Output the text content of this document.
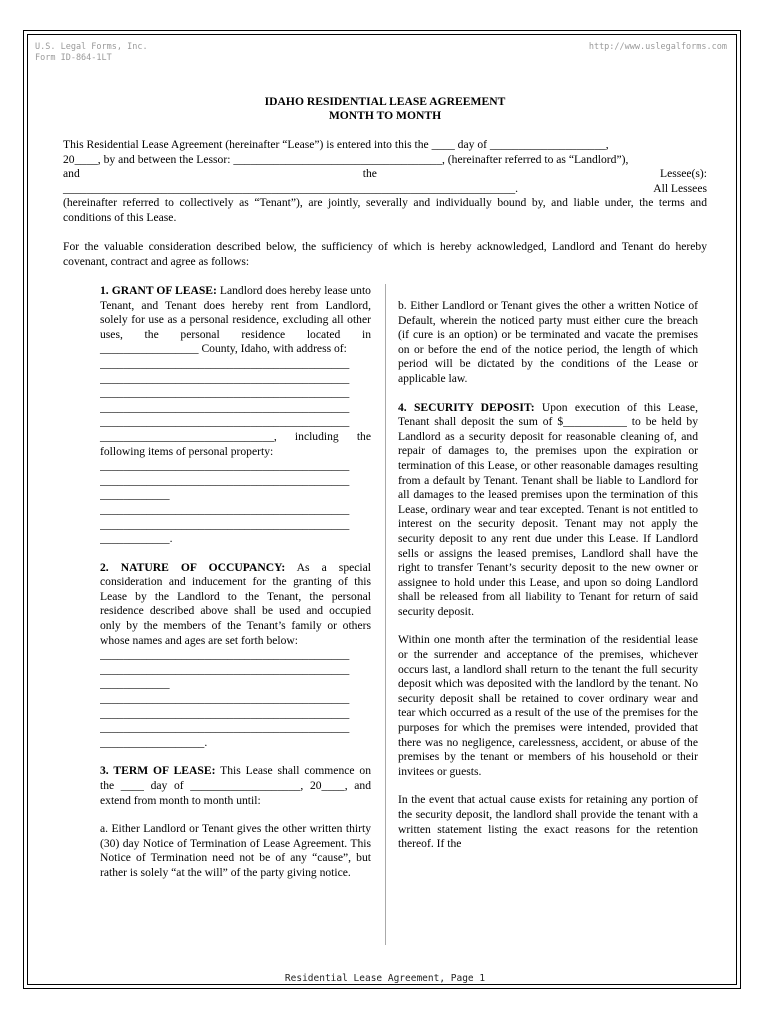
U.S. Legal Forms, Inc.
Form ID-864-1LT
http://www.uslegalforms.com
IDAHO RESIDENTIAL LEASE AGREEMENT
MONTH TO MONTH
This Residential Lease Agreement (hereinafter “Lease”) is entered into this the ____ day of ____________________,
20____, by and between the Lessor: ____________________________________, (hereinafter referred to as “Landlord”),
and	the	Lessee(s):
______________________________________________________________________________.	All Lessees
(hereinafter referred to collectively as “Tenant”), are jointly, severally and individually bound by, and liable under, the terms and conditions of this Lease.
For the valuable consideration described below, the sufficiency of which is hereby acknowledged, Landlord and Tenant do hereby covenant, contract and agree as follows:
1. GRANT OF LEASE: Landlord does hereby lease unto Tenant, and Tenant does hereby rent from Landlord, solely for use as a personal residence, excluding all other uses, the personal residence located in _________________ County, Idaho, with address of:
___________________________________________
___________________________________________
___________________________________________
___________________________________________
___________________________________________
______________________________, including the following items of personal property:
___________________________________________
___________________________________________
____________
___________________________________________
___________________________________________
____________.
2. NATURE OF OCCUPANCY: As a special consideration and inducement for the granting of this Lease by the Landlord to the Tenant, the personal residence described above shall be used and occupied only by the members of the Tenant’s family or others whose names and ages are set forth below:
___________________________________________
___________________________________________
____________
___________________________________________
___________________________________________
___________________________________________
__________________.
3. TERM OF LEASE: This Lease shall commence on the ____ day of ___________________, 20____, and extend from month to month until:
a. Either Landlord or Tenant gives the other written thirty (30) day Notice of Termination of Lease Agreement. This Notice of Termination need not be of any “cause”, but rather is solely “at the will” of the party giving notice.
b. Either Landlord or Tenant gives the other a written Notice of Default, wherein the noticed party must either cure the breach (if cure is an option) or be terminated and vacate the premises on or before the end of the notice period, the length of which period will be dictated by the conditions of the Lease or applicable law.
4. SECURITY DEPOSIT: Upon execution of this Lease, Tenant shall deposit the sum of $___________ to be held by Landlord as a security deposit for reasonable cleaning of, and repair of damages to, the premises upon the expiration or termination of this Lease, or other reasonable damages resulting from a default by Tenant. Tenant shall be liable to Landlord for all damages to the leased premises upon the termination of this Lease, ordinary wear and tear excepted. Tenant is not entitled to interest on the security deposit. Tenant may not apply the security deposit to any rent due under this Lease. If Landlord sells or assigns the leased premises, Landlord shall have the right to transfer Tenant’s security deposit to the new owner or assignee to hold under this Lease, and upon so doing Landlord shall be released from all liability to Tenant for return of said security deposit.
Within one month after the termination of the residential lease or the surrender and acceptance of the premises, whichever occurs last, a landlord shall return to the tenant the full security deposit which was deposited with the landlord by the tenant. No security deposit shall be retained to cover ordinary wear and tear which occurred as a result of the use of the premises for the purposes for which the premises were intended, provided that there was no negligence, carelessness, accident, or abuse of the premises by the tenant or members of his household or their invitees or guests.
In the event that actual cause exists for retaining any portion of the security deposit, the landlord shall provide the tenant with a written statement listing the exact reasons for the retention thereof. If the
Residential Lease Agreement, Page 1
